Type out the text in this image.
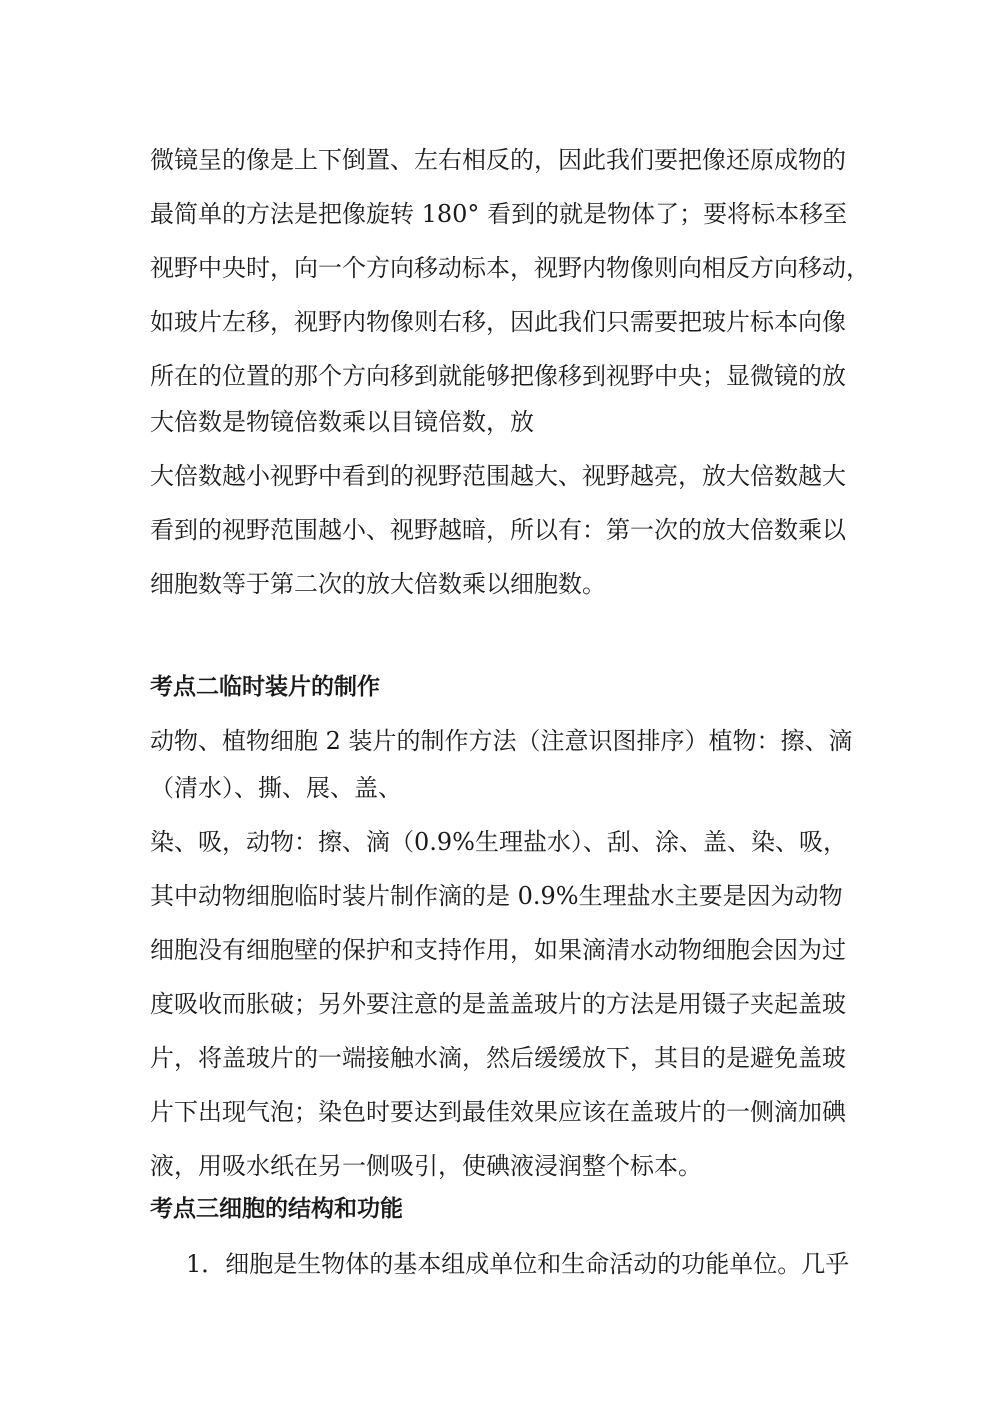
微镜呈的像是上下倒置、左右相反的，因此我们要把像还原成物的
最简单的方法是把像旋转 180° 看到的就是物体了；要将标本移至
视野中央时，向一个方向移动标本，视野内物像则向相反方向移动，
如玻片左移，视野内物像则右移，因此我们只需要把玻片标本向像
所在的位置的那个方向移到就能够把像移到视野中央；显微镜的放
大倍数是物镜倍数乘以目镜倍数，放
大倍数越小视野中看到的视野范围越大、视野越亮，放大倍数越大
看到的视野范围越小、视野越暗，所以有：第一次的放大倍数乘以
细胞数等于第二次的放大倍数乘以细胞数。
考点二临时装片的制作
动物、植物细胞 2 装片的制作方法（注意识图排序）植物：擦、滴
（清水）、撕、展、盖、
染、吸，动物：擦、滴（0.9%生理盐水）、刮、涂、盖、染、吸，
其中动物细胞临时装片制作滴的是 0.9%生理盐水主要是因为动物
细胞没有细胞壁的保护和支持作用，如果滴清水动物细胞会因为过
度吸收而胀破；另外要注意的是盖盖玻片的方法是用镊子夹起盖玻
片，将盖玻片的一端接触水滴，然后缓缓放下，其目的是避免盖玻
片下出现气泡；染色时要达到最佳效果应该在盖玻片的一侧滴加碘
液，用吸水纸在另一侧吸引，使碘液浸润整个标本。
考点三细胞的结构和功能
1．细胞是生物体的基本组成单位和生命活动的功能单位。几乎
